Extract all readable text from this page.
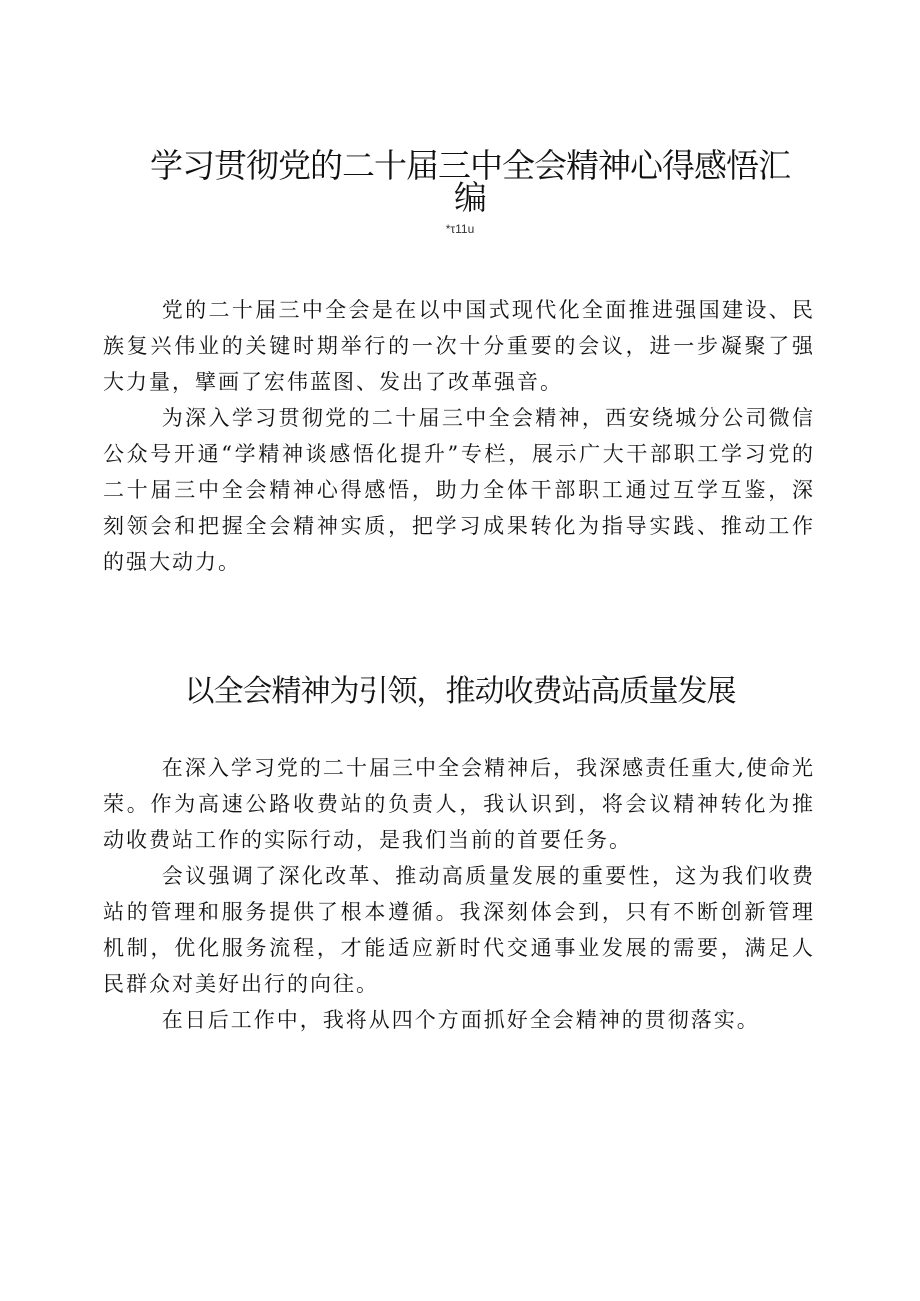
学习贯彻党的二十届三中全会精神心得感悟汇编
*τ11u

党的二十届三中全会是在以中国式现代化全面推进强国建设、民族复兴伟业的关键时期举行的一次十分重要的会议，进一步凝聚了强大力量，擘画了宏伟蓝图、发出了改革强音。

为深入学习贯彻党的二十届三中全会精神，西安绕城分公司微信公众号开通“学精神谈感悟化提升”专栏，展示广大干部职工学习党的二十届三中全会精神心得感悟，助力全体干部职工通过互学互鉴，深刻领会和把握全会精神实质，把学习成果转化为指导实践、推动工作的强大动力。

以全会精神为引领，推动收费站高质量发展

在深入学习党的二十届三中全会精神后，我深感责任重大,使命光荣。作为高速公路收费站的负责人，我认识到，将会议精神转化为推动收费站工作的实际行动，是我们当前的首要任务。

会议强调了深化改革、推动高质量发展的重要性，这为我们收费站的管理和服务提供了根本遵循。我深刻体会到，只有不断创新管理机制，优化服务流程，才能适应新时代交通事业发展的需要，满足人民群众对美好出行的向往。

在日后工作中，我将从四个方面抓好全会精神的贯彻落实。
